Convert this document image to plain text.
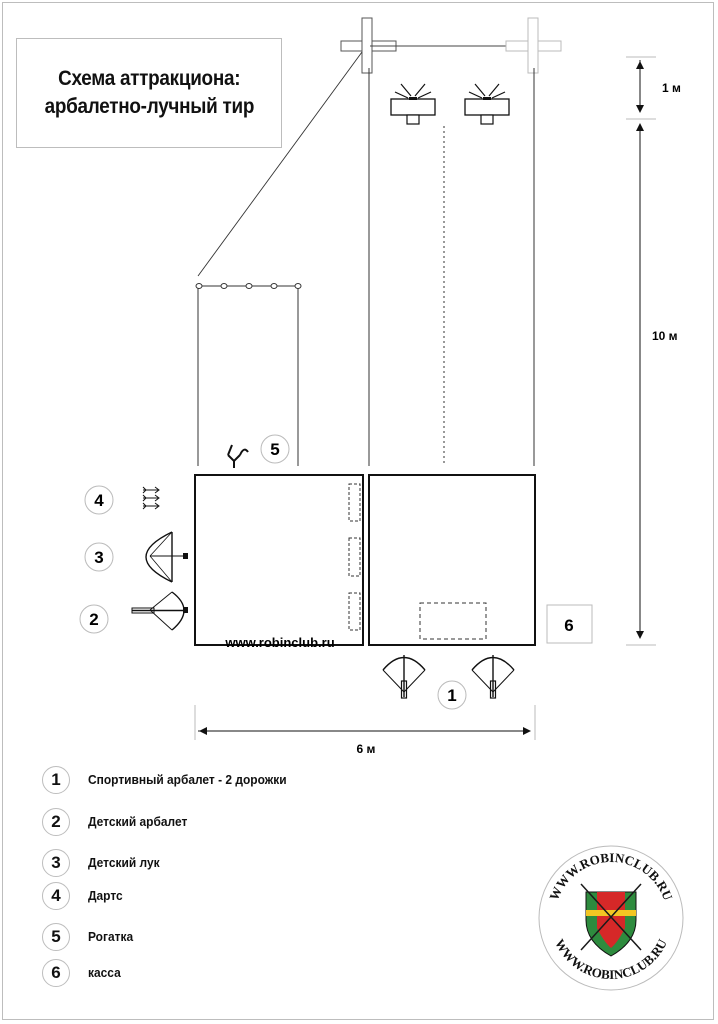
Схема аттракциона:
арбалетно-лучный тир
www.robinclub.ru
5
4
3
2
1
6
1 м
10 м
6 м
WWW.ROBINCLUB.RU
WWW.ROBINCLUB.RU
1	Спортивный арбалет - 2 дорожки
2	Детский арбалет
3	Детский лук
4	Дартс
5	Рогатка
6	касса
